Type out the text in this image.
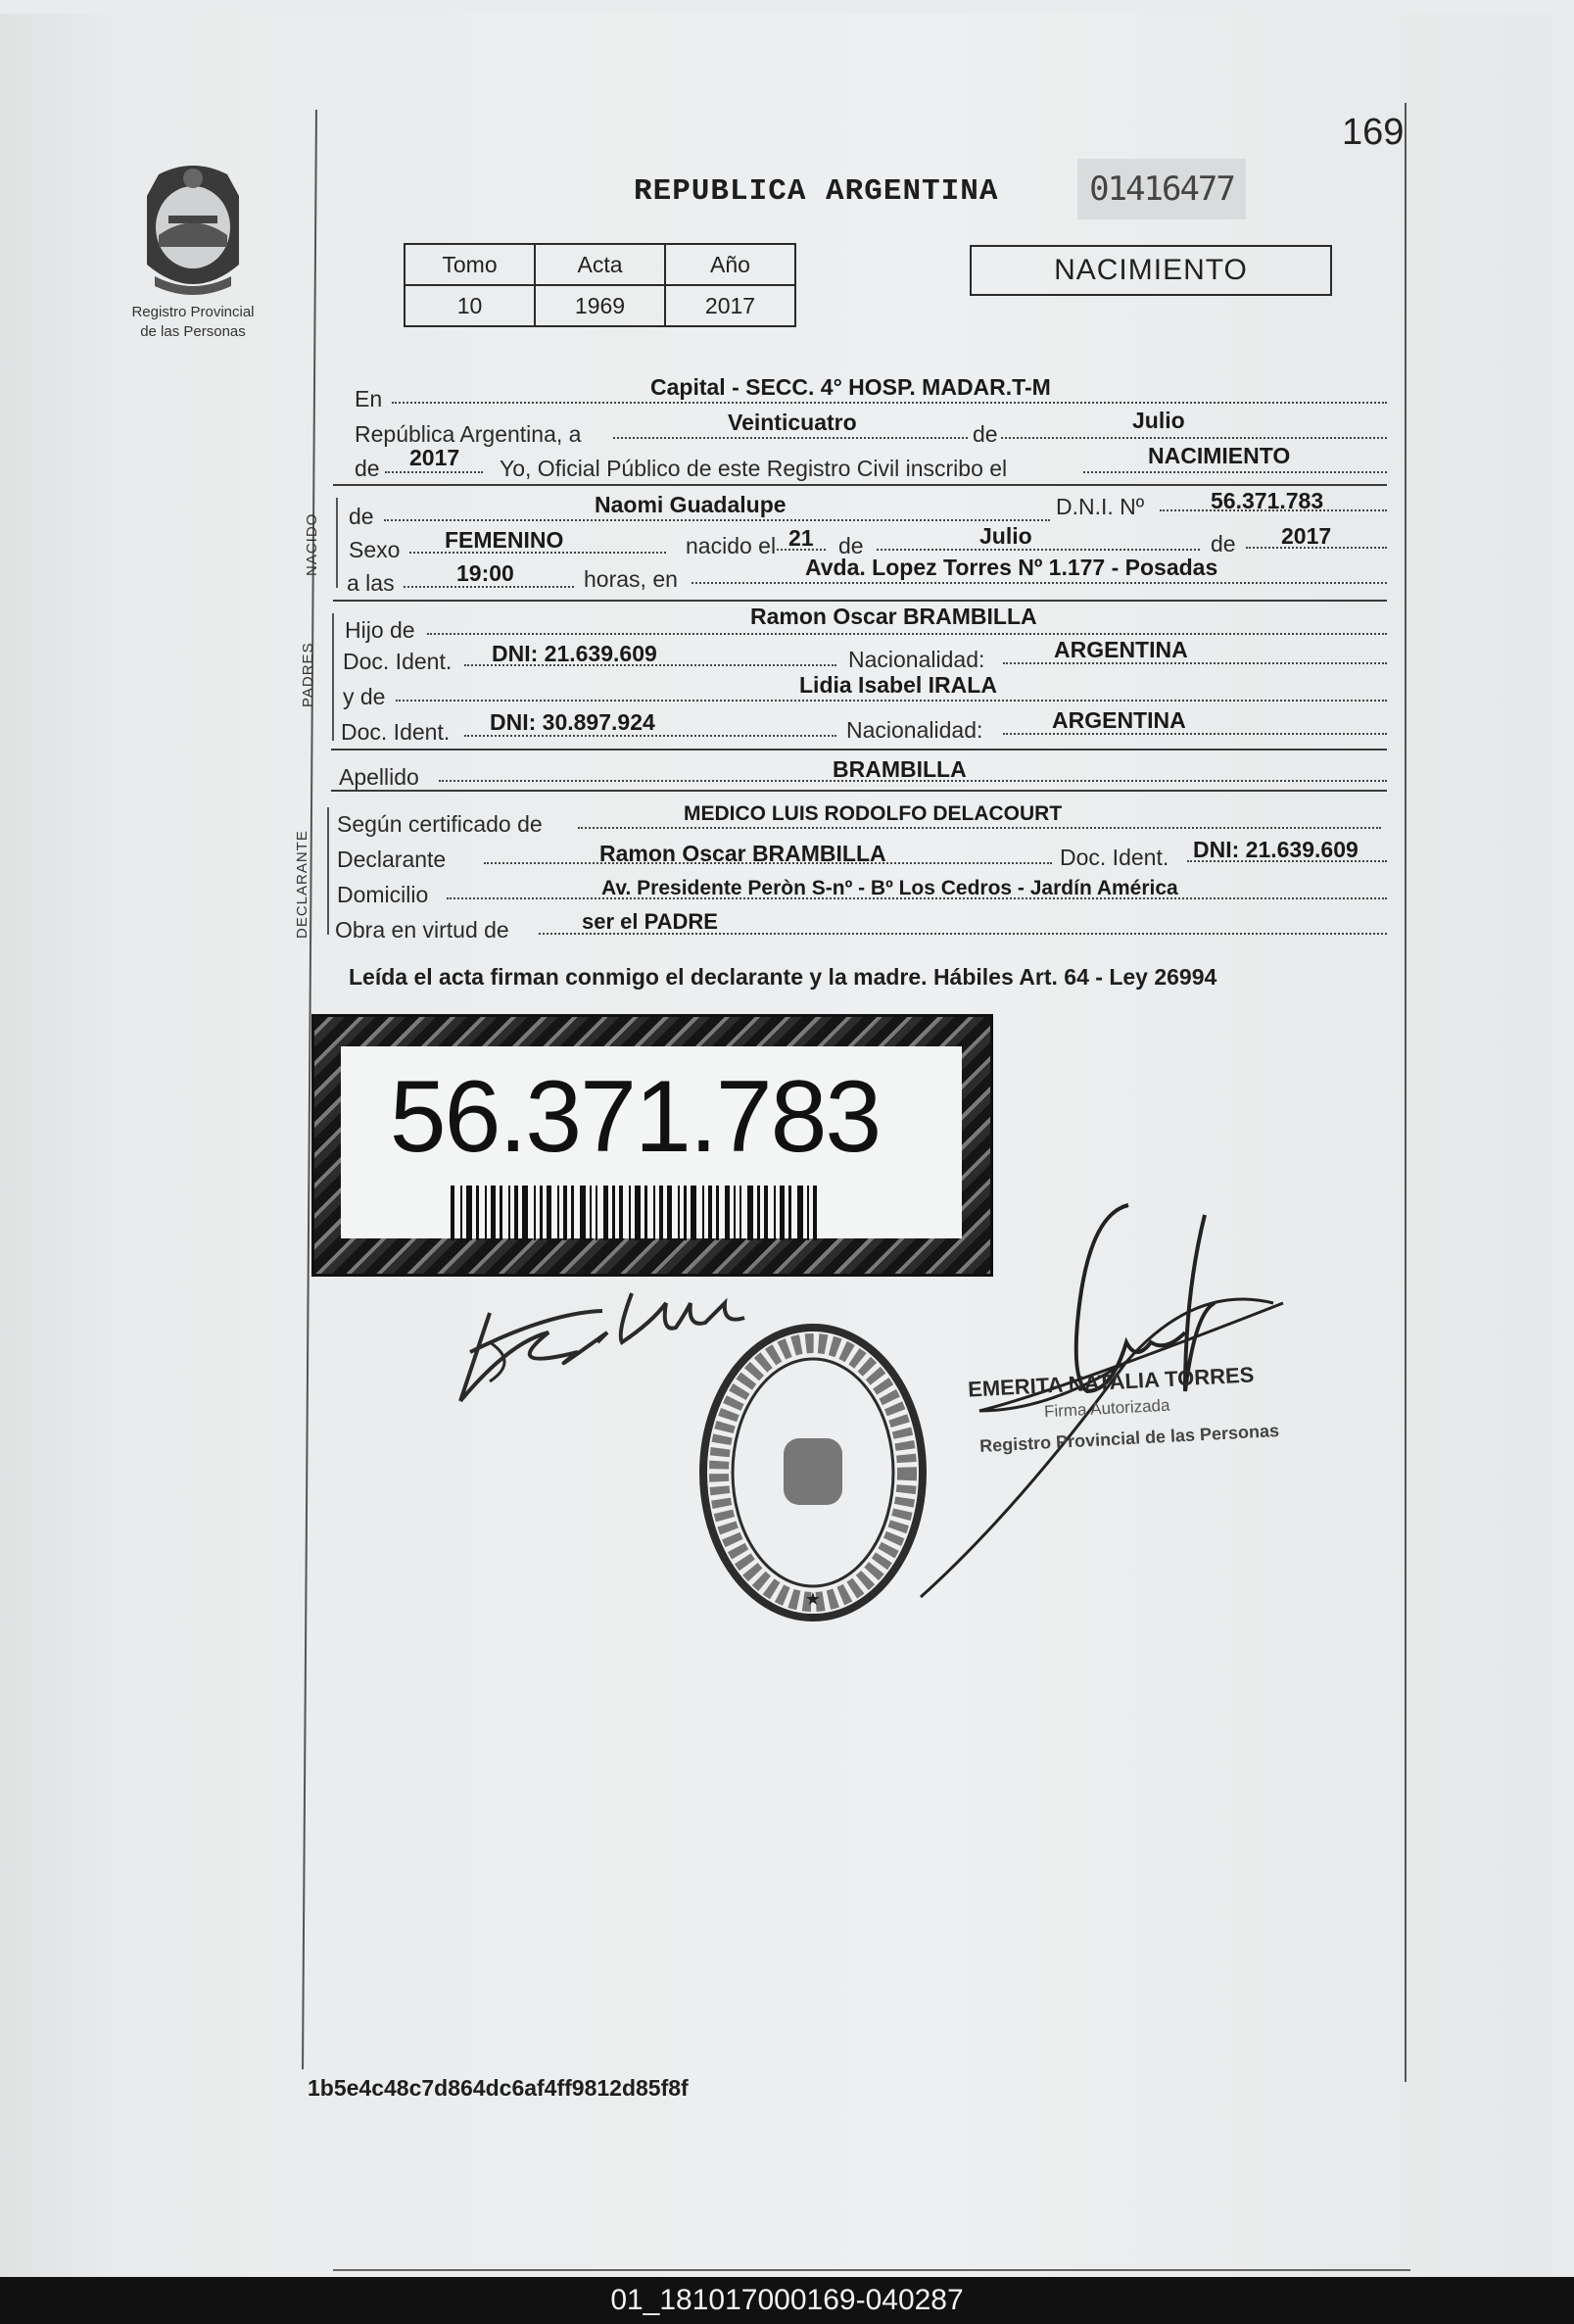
169
Registro Provincial
de las Personas
REPUBLICA ARGENTINA	01416477
Tomo	Acta	Año
10	1969	2017
NACIMIENTO
En	Capital - SECC. 4° HOSP. MADAR.T-M
República Argentina, a	Veinticuatro	de
Julio
de 2017 Yo, Oficial Público de este Registro Civil inscribo el	NACIMIENTO
NACIDO de	Naomi Guadalupe	D.N.I. Nº	56.371.783
Sexo FEMENINO	nacido el 21 de	Julio	de 2017
a las	19:00	horas, en	Avda. Lopez Torres Nº 1.177 - Posadas
PADRES
Hijo de
Ramon Oscar BRAMBILLA
Doc. Ident. DNI: 21.639.609	Nacionalidad:	ARGENTINA
y de	Lidia Isabel IRALA
Doc. Ident. DNI: 30.897.924	Nacionalidad:	ARGENTINA
Apellido	BRAMBILLA
DECLARANTE
Según certificado de	MEDICO LUIS RODOLFO DELACOURT
Declarante	Ramon Oscar BRAMBILLA	Doc. Ident. DNI: 21.639.609
Domicilio	Av. Presidente Peròn S-nº - Bº Los Cedros - Jardín América
Obra en virtud de	ser el PADRE
Leída el acta firman conmigo el declarante y la madre. Hábiles Art. 64 - Ley 26994
56.371.783
★
EMERITA NATALIA TORRES
Firma Autorizada
Registro Provincial de las Personas
1b5e4c48c7d864dc6af4ff9812d85f8f
01_181017000169-040287
